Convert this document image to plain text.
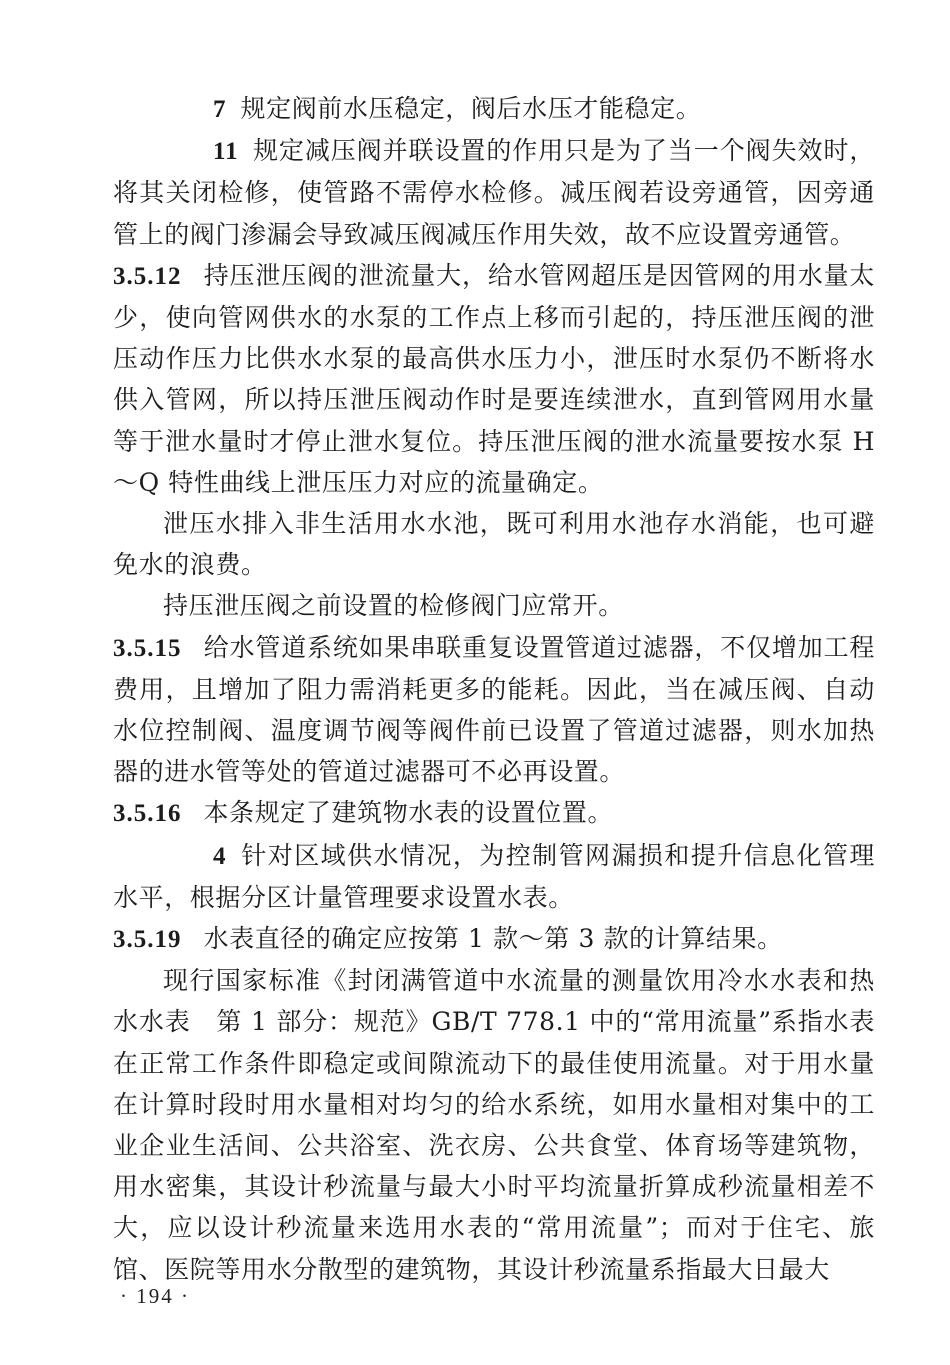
7 规定阀前水压稳定，阀后水压才能稳定。

11 规定减压阀并联设置的作用只是为了当一个阀失效时，将其关闭检修，使管路不需停水检修。减压阀若设旁通管，因旁通管上的阀门渗漏会导致减压阀减压作用失效，故不应设置旁通管。

3.5.12 持压泄压阀的泄流量大，给水管网超压是因管网的用水量太少，使向管网供水的水泵的工作点上移而引起的，持压泄压阀的泄压动作压力比供水水泵的最高供水压力小，泄压时水泵仍不断将水供入管网，所以持压泄压阀动作时是要连续泄水，直到管网用水量等于泄水量时才停止泄水复位。持压泄压阀的泄水流量要按水泵 H～Q 特性曲线上泄压压力对应的流量确定。

泄压水排入非生活用水水池，既可利用水池存水消能，也可避免水的浪费。

持压泄压阀之前设置的检修阀门应常开。

3.5.15 给水管道系统如果串联重复设置管道过滤器，不仅增加工程费用，且增加了阻力需消耗更多的能耗。因此，当在减压阀、自动水位控制阀、温度调节阀等阀件前已设置了管道过滤器，则水加热器的进水管等处的管道过滤器可不必再设置。

3.5.16 本条规定了建筑物水表的设置位置。

4 针对区域供水情况，为控制管网漏损和提升信息化管理水平，根据分区计量管理要求设置水表。

3.5.19 水表直径的确定应按第 1 款～第 3 款的计算结果。

现行国家标准《封闭满管道中水流量的测量饮用冷水水表和热水水表　第 1 部分：规范》GB/T 778.1 中的“常用流量”系指水表在正常工作条件即稳定或间隙流动下的最佳使用流量。对于用水量在计算时段时用水量相对均匀的给水系统，如用水量相对集中的工业企业生活间、公共浴室、洗衣房、公共食堂、体育场等建筑物，用水密集，其设计秒流量与最大小时平均流量折算成秒流量相差不大，应以设计秒流量来选用水表的“常用流量”；而对于住宅、旅馆、医院等用水分散型的建筑物，其设计秒流量系指最大日最大

· 194 ·
